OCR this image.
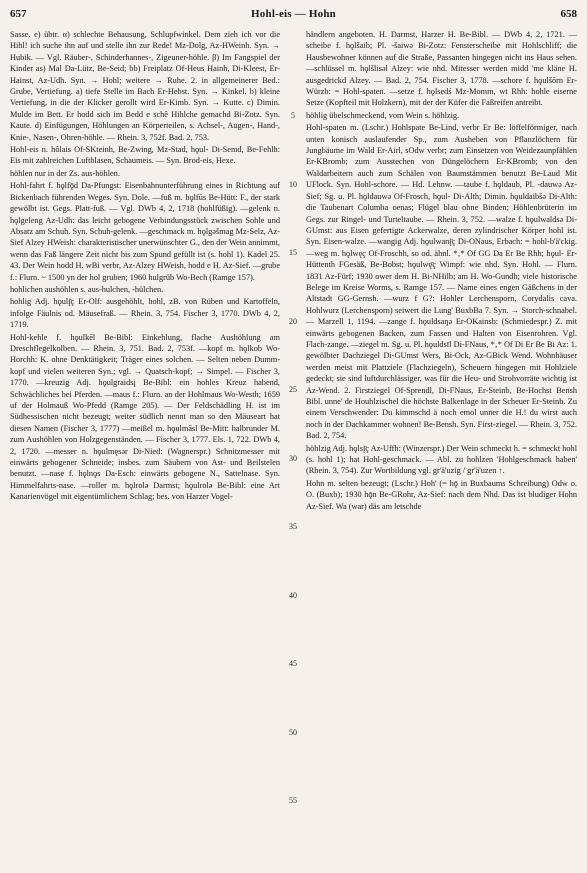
657	Hohl-eis — Hohn	658

Sasse. e) übtr. α) schlechte Behausung, Schlupfwinkel. Dem zieh ich vor die Hihl! ich suche ihn auf und stelle ihn zur Rede! Mz-Dolg, Az-HWeinh. Syn. → Hubik. — Vgl. Räuber-, Schinderhannes-, Zigeuner-höhle. β) Im Fangspiel der Kinder as) Mal Da-Lütz, Be-Seid; bb) Freiplatz Of-Heus Hainh, Di-Kleest, Er-Hainst, Az-Udh. Syn. → Hohl; weitere → Ruhe. 2. in allgemeinerer Bed.: Grube, Vertiefung. a) tiefe Stelle im Bach Er-Hebst. Syn. → Kinkel. b) kleine Vertiefung, in die der Klicker gerollt wird Er-Kimb. Syn. → Kutte. c) Dimin. Mulde im Bett. Er hodd sich im Bedd e schê Hihlche gemachd Bi-Zotz. Syn. Kaute. d) Einfügungen, Höhlungen an Körperteilen, s. Achsel-, Augen-, Hand-, Knie-, Nasen-, Ohren-höhle. — Rhein. 3, 752f. Bad. 2, 753.

Hohl-eis n. hôlais Of-SKteinh, Be-Zwing, Mz-Stad, hǫul- Di-Semd, Be-Fehlh: Eis mit zahlreichen Luftblasen, Schaumeis. — Syn. Brod-eis, Hexe.

höhlen nur in der Zs. aus-höhlen.

Hohl-fahrt f. hǫlfǭd Da-Pfungst: Eisenbahnunterführung eines in Richtung auf Bickenbach führenden Weges. Syn. Dole. —fuß m. hǫlfūs Be-Hütt: F., der stark gewölbt ist. Gegs. Platt-fuß. — Vgl. DWb 4, 2, 1718 (hohlfüßig). —gelenk n. hǫlgeleng Az-Udh: das leicht gebogene Verbindungsstück zwischen Sohle und Absatz am Schuh. Syn. Schuh-gelenk. —geschmack m. hǫlgǝšmag Mz-Selz, Az-Sief Alzey HWeish: charakteristischer unerwünschter G., den der Wein annimmt, wenn das Faß längere Zeit nicht bis zum Spund gefüllt ist (s. hohl 1). Kadel 25. 43. Der Wein hodd H. wBi verbr, Az-Alzey HWeish, hodd e H. Az-Sief. —grube f.: Flurn. ~ 1500 yn der hol gruben; 1960 hulgrüb Wo-Bech (Ramge 157).

hohlichen aushöhlen s. aus-hulchen, -hülchen.

hohlig Adj. hǫulį̄ç Er-Olf: ausgehöhlt, hohl, zB. von Rüben und Kartoffeln, infolge Fäulnis od. Mäusefraß. — Rhein. 3, 754. Fischer 3, 1770. DWb 4, 2, 1719.

Hohl-kehle f. hǫulkēl Be-Bibl: Einkehlung, flache Aushöhlung am Dreschflegelkolben. — Rhein. 3, 751. Bad. 2, 753f. —kopf m. hǫlkob Wo-Horchh: K. ohne Denktätigkeit; Träger eines solchen. — Selten neben Dumm-kopf und vielen weiteren Syn.; vgl. → Quatsch-kopf; → Simpel. — Fischer 3, 1770. —kreuzig Adj. hǫulgraidsį Be-Bibl: ein hohles Kreuz habend, Schwächliches bei Pferden. —maus f.: Flurn. an der Hohlmaus Wo-Westh; 1659 uf der Holmauß Wo-Pfedd (Ramge 205). — Der Feldschädling H. ist im Südhessischen nicht bezeugt; weiter südlich nennt man so den Mäuseart hat diesen Namen (Fischer 3, 1777) —meißel m. hǫulmāsl Be-Mitt: halbrunder M. zum Aushöhlen von Holzgegenständen. — Fischer 3, 1777. Els. 1, 722. DWb 4, 2, 1720. —messer n. hǫulmęsǝr Di-Nied: (Wagnerspr.) Schnitzmesser mit einwärts gebogener Schneide; insbes. zum Säubern von Ast- und Beilstelen benutzt. —nase f. hǫlnǫs Da-Esch: einwärts gebogene N., Sattelnase. Syn. Himmelfahrts-nase. —roller m. hǫlrolǝ Darmst; hǫulrolǝ Be-Bibl: eine Art Kanarienvögel mit eigentümlichem Schlag; bes. von Harzer Vogel-

5
10
15
20
25
30
35
40
45
50
55

händlern angeboten. H. Darmst, Harzer H. Be-Bibl. — DWb 4, 2, 1721. —scheibe f. hǫlšaib; Pl. -šaiwǝ Bi-Zotz: Fensterscheibe mit Hohlschliff; die Hausbewohner können auf die Straße, Passanten hingegen nicht ins Haus sehen. —schlüssel m. hǫlšlisǝl Alzey: wie nhd. Mitesser werden midd 'me kläne H. ausgedrickd Alzey. — Bad. 2, 754. Fischer 3, 1778. —schore f. hǫulšōrn Er-Würzb: = Hohl-spaten. —setze f. hǫlsedś Mz-Momm, wt Rhh: hohle eiserne Setze (Kopfteil mit Holzkern), mit der der Küfer die Faßreifen antreibt.

höhlig übelschmeckend, vom Wein s. höhlzig.

Hohl-spaten m. (Lschr.) Hohlspate Be-Lind, verbr Er Be: löffelförmiger, nach unten konisch auslaufender Sp., zum Ausheben von Pflanzlöchern für Jungbäume im Wald Er-Airl, sOdw verbr; zum Einsetzen von Weidezaunpfählen Er-KBromb; zum Ausstechen von Düngelöchern Er-KBromb; von den Waldarbeitern auch zum Schälen von Baumstämmen benutzt Be-Laud Mit UFlock. Syn. Hohl-schore. — Hd. Lehnw. —taube f. hǫldaub, Pl. -dauwǝ Az-Sief; Sg. u. Pl. hǫldauwǝ Of-Frosch, hǫul- Di-Alth; Dimin. hǫuldaibšǝ Di-Alth: die Taubenart Columba oenas; Flügel blau ohne Binden; Höhlenbrüterin im Gegs. zur Ringel- und Turteltaube. — Rhein. 3, 752. —walze f. hǫulwaldsǝ Di-GUmst: aus Eisen gefertigte Ackerwalze, deren zylindrischer Körper hohl ist. Syn. Eisen-walze. —wangig Adj. hǫulwanį̄ç Di-ONaus, Erbach: = hohl-b'ä'ckig. —weg m. hǫlwęç Of-Froschh, so od. ähnl. *‚* Of GG Da Er Be Rhh; hǫul- Er-Hüttenth FGesäß, Be-Bobst; hǫulwę̄ç Wimpf: wie nhd. Syn. Hohl. — Flurn. 1831 Az-Fürf; 1930 ower dem H. Bi-NHilb; am H. Wo-Gundh; viele historische Belege im Kreise Worms, s. Ramge 157. — Name eines engen Gäßchens in der Altstadt GG-Gernsh. —wurz f G?: Hohler Lerchensporn, Corydalis cava. Hohlwurz (Lerchensporn) seiwert die Lung' BuxbBa 7. Syn. → Storch-schnabel. — Marzell 1, 1194. —zange f. hǫuldsaŋǝ Er-OKainsb: (Schmiedespr.) Z. mit einwärts gebogenen Backen, zum Fassen und Halten von Eisenrohren. Vgl. Flach-zange. —ziegel m. Sg. u. Pl. hǫuldsīl Di-FNaus, *‚* Of Di Er Be Bi Az: 1. gewölbter Dachziegel Di-GUmst Wers, Bi-Ock, Az-GBick Wend. Wohnhäuser werden meist mit Plattziele (Flachziegeln), Scheuern hingegen mit Hohlziele gedeckt; sie sind luftdurchlässiger, was für die Heu- und Strohvorräte wichtig ist Az-Wend. 2. Firstziegel Of-Sprendl, Di-FNaus, Er-Steinb, Be-Hochst Bensh Bibl. unne' de Houhlzischel die höchste Balkenlage in der Scheuer Er-Steinb. Zu einem Verschwender: Du kimmschd ä noch emol unner die H.! du wirst auch noch in der Dachkammer wohnen! Be-Bensh. Syn. First-ziegel. — Rhein. 3, 752. Bad. 2, 754.

höhlzig Adj. hǫlsį̄ç Az-Uffh: (Winzerspr.) Der Wein schmeckt h. = schmeckt hohl (s. hohl 1); hat Hohl-geschmack. — Abl. zu hohlzen 'Hohlgeschmack haben' (Rhein. 3, 754). Zur Wortbildung vgl. gr'ä'uzig / gr'ä'uzen ↑.

Hohn m. selten bezeugt; (Lschr.) Hoh' (= hǭ in Buxbaums Schreibung) Odw o. O. (Buxb); 1930 hǭn Be-GRohr, Az-Sief: nach dem Nhd. Das ist bludiger Hohn Az-Sief. Wa (war) däs am letschde
